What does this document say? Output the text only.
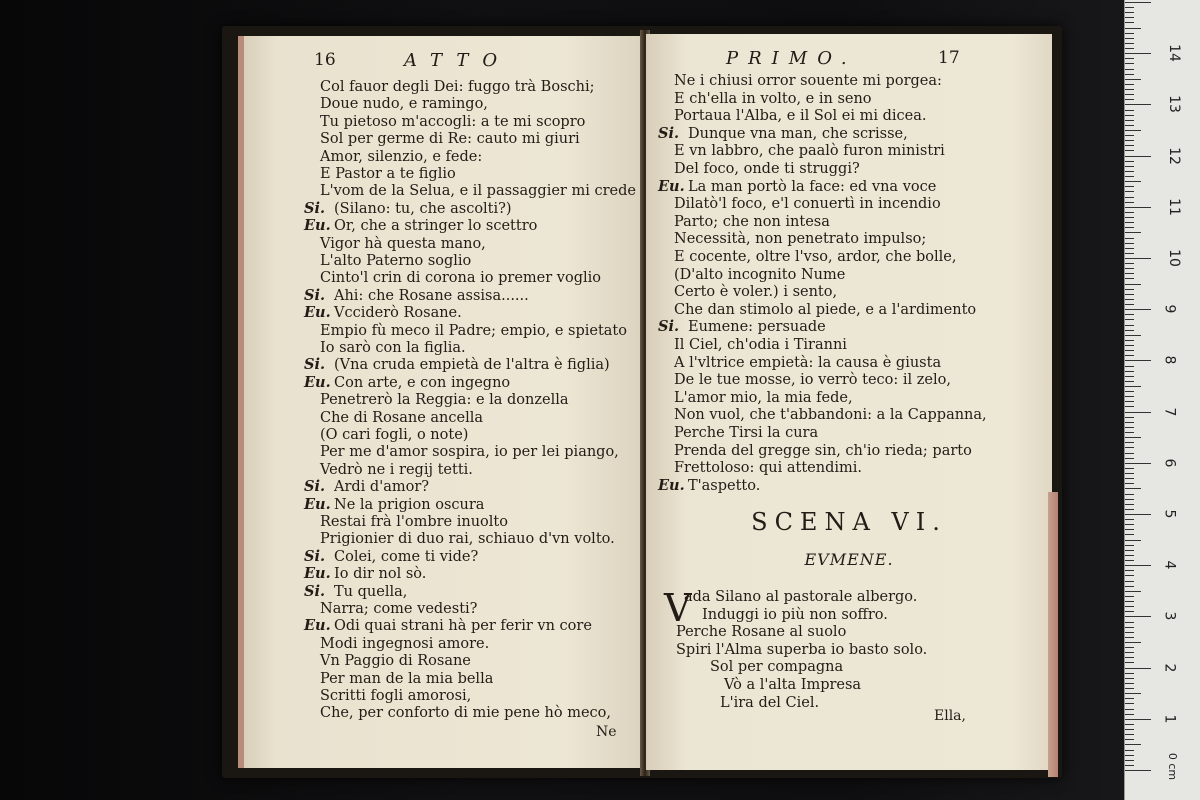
16	ATTO
Col fauor degli Dei: fuggo trà Boschi;
Doue nudo, e ramingo,
Tu pietoso m'accogli: a te mi scopro
Sol per germe di Re: cauto mi giuri
Amor, silenzio, e fede:
E Pastor a te figlio
L'vom de la Selua, e il passaggier mi crede
Si. (Silano: tu, che ascolti?)
Eu. Or, che a stringer lo scettro
Vigor hà questa mano,
L'alto Paterno soglio
Cinto'l crin di corona io premer voglio
Si. Ahi: che Rosane assisa......
Eu. Vcciderò Rosane.
Empio fù meco il Padre; empio, e spietato
Io sarò con la figlia.
Si. (Vna cruda empietà de l'altra è figlia)
Eu. Con arte, e con ingegno
Penetrerò la Reggia: e la donzella
Che di Rosane ancella
(O cari fogli, o note)
Per me d'amor sospira, io per lei piango,
Vedrò ne i regij tetti.
Si. Ardi d'amor?
Eu. Ne la prigion oscura
Restai frà l'ombre inuolto
Prigionier di duo rai, schiauo d'vn volto.
Si. Colei, come ti vide?
Eu. Io dir nol sò.
Si. Tu quella,
Narra; come vedesti?
Eu. Odi quai strani hà per ferir vn core
Modi ingegnosi amore.
Vn Paggio di Rosane
Per man de la mia bella
Scritti fogli amorosi,
Che, per conforto di mie pene hò meco,
Ne
PRIMO.	17
Ne i chiusi orror souente mi porgea:
E ch'ella in volto, e in seno
Portaua l'Alba, e il Sol ei mi dicea.
Si. Dunque vna man, che scrisse,
E vn labbro, che paalò furon ministri
Del foco, onde ti struggi?
Eu. La man portò la face: ed vna voce
Dilatò'l foco, e'l conuertì in incendio
Parto; che non intesa
Necessità, non penetrato impulso;
E cocente, oltre l'vso, ardor, che bolle,
(D'alto incognito Nume
Certo è voler.) i sento,
Che dan stimolo al piede, e a l'ardimento
Si. Eumene: persuade
Il Ciel, ch'odia i Tiranni
A l'vltrice empietà: la causa è giusta
De le tue mosse, io verrò teco: il zelo,
L'amor mio, la mia fede,
Non vuol, che t'abbandoni: a la Cappanna,
Perche Tirsi la cura
Prenda del gregge sin, ch'io rieda; parto
Frettoloso: qui attendimi.
Eu. T'aspetto.
SCENA VI.
EVMENE.
V
ada Silano al pastorale albergo.
Induggi io più non soffro.
Perche Rosane al suolo
Spiri l'Alma superba io basto solo.
Sol per compagna
Vò a l'alta Impresa
L'ira del Ciel.
Ella,
0 cm
1
2
3
4
5
6
7
8
9
10
11
12
13
14
